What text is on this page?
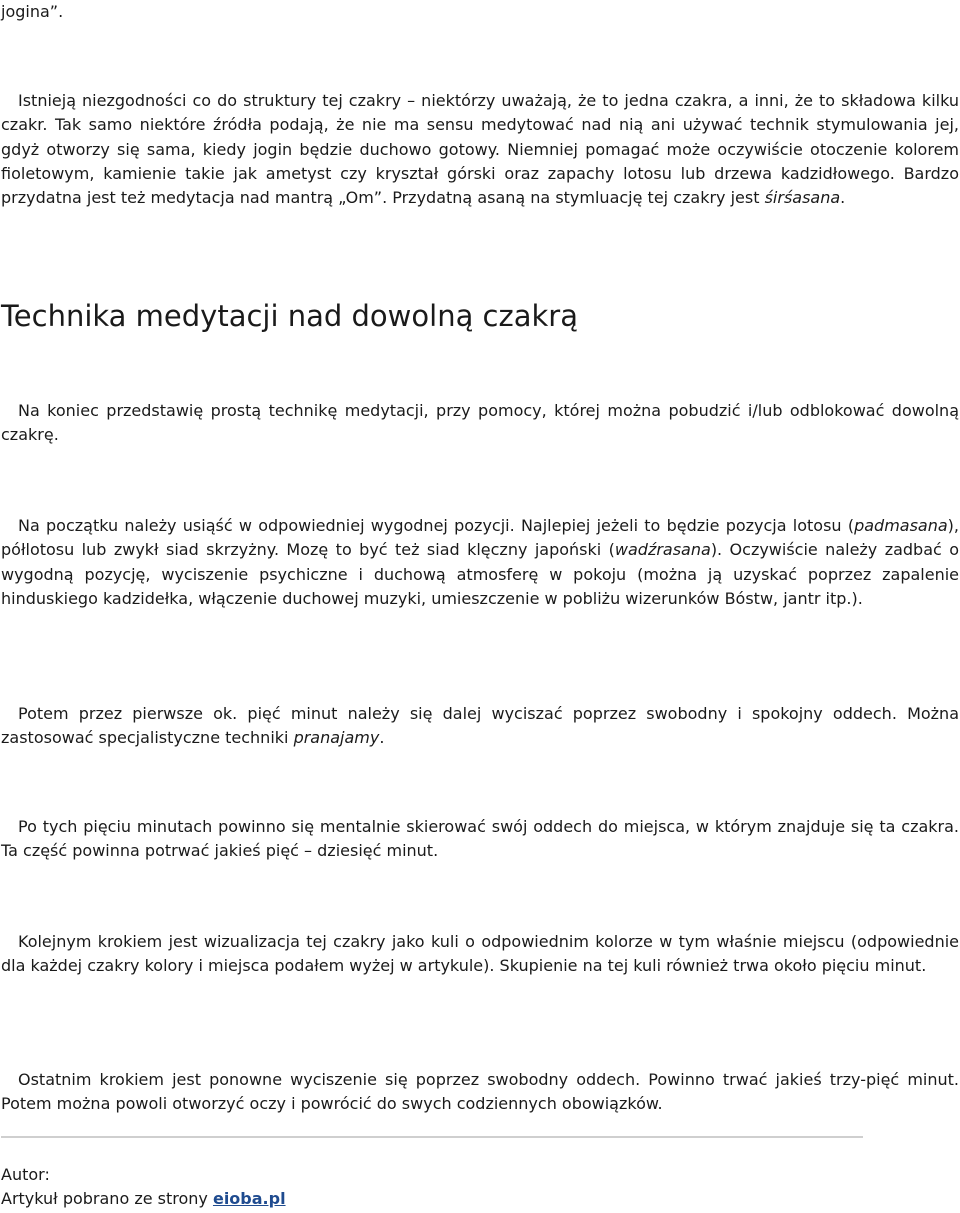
jogina”.

Istnieją niezgodności co do struktury tej czakry – niektórzy uważają, że to jedna czakra, a inni, że to składowa kilku czakr. Tak samo niektóre źródła podają, że nie ma sensu medytować nad nią ani używać technik stymulowania jej, gdyż otworzy się sama, kiedy jogin będzie duchowo gotowy. Niemniej pomagać może oczywiście otoczenie kolorem fioletowym, kamienie takie jak ametyst czy kryształ górski oraz zapachy lotosu lub drzewa kadzidłowego. Bardzo przydatna jest też medytacja nad mantrą „Om”. Przydatną asaną na stymluację tej czakry jest śirśasana.

Technika medytacji nad dowolną czakrą

Na koniec przedstawię prostą technikę medytacji, przy pomocy, której można pobudzić i/lub odblokować dowolną czakrę.

Na początku należy usiąść w odpowiedniej wygodnej pozycji. Najlepiej jeżeli to będzie pozycja lotosu (padmasana), półlotosu lub zwykł siad skrzyżny. Mozę to być też siad klęczny japoński (wadźrasana). Oczywiście należy zadbać o wygodną pozycję, wyciszenie psychiczne i duchową atmosferę w pokoju (można ją uzyskać poprzez zapalenie hinduskiego kadzidełka, włączenie duchowej muzyki, umieszczenie w pobliżu wizerunków Bóstw, jantr itp.).

Potem przez pierwsze ok. pięć minut należy się dalej wyciszać poprzez swobodny i spokojny oddech. Można zastosować specjalistyczne techniki pranajamy.

Po tych pięciu minutach powinno się mentalnie skierować swój oddech do miejsca, w którym znajduje się ta czakra. Ta część powinna potrwać jakieś pięć – dziesięć minut.

Kolejnym krokiem jest wizualizacja tej czakry jako kuli o odpowiednim kolorze w tym właśnie miejscu (odpowiednie dla każdej czakry kolory i miejsca podałem wyżej w artykule). Skupienie na tej kuli również trwa około pięciu minut.

Ostatnim krokiem jest ponowne wyciszenie się poprzez swobodny oddech. Powinno trwać jakieś trzy-pięć minut. Potem można powoli otworzyć oczy i powrócić do swych codziennych obowiązków.

Autor:
Artykuł pobrano ze strony eioba.pl
